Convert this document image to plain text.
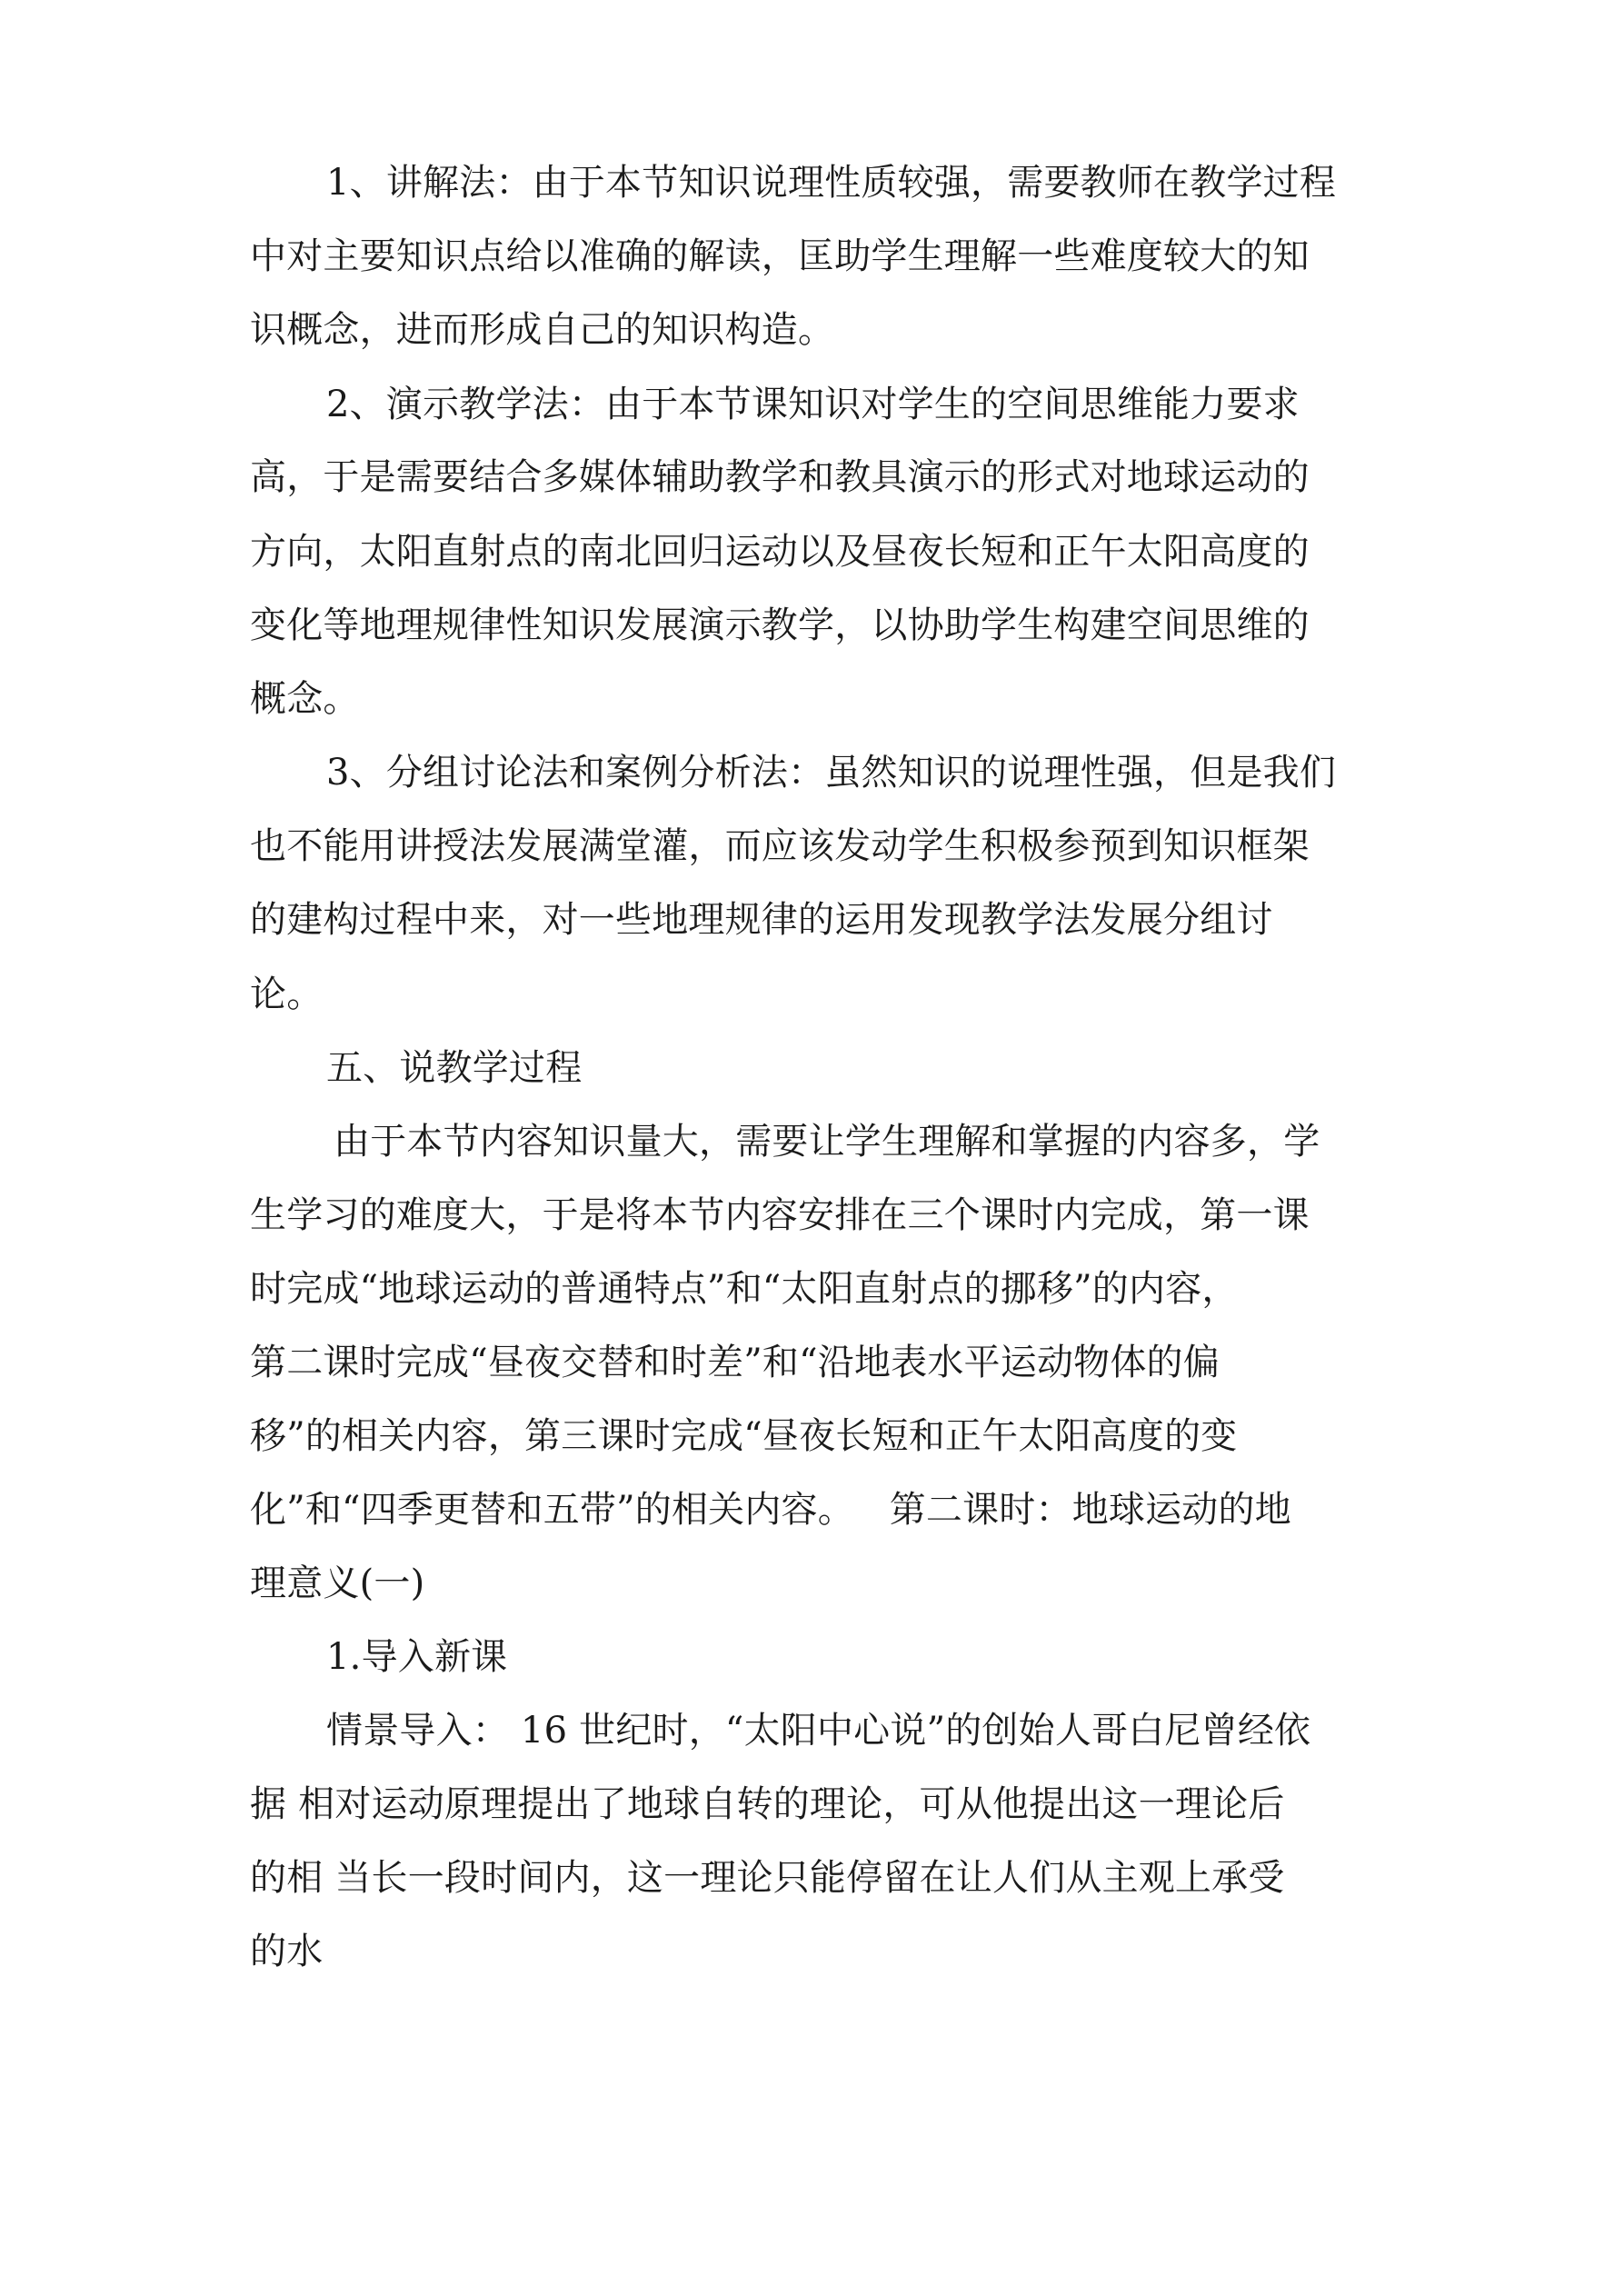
1、讲解法：由于本节知识说理性质较强，需要教师在教学过程

中对主要知识点给以准确的解读，匡助学生理解一些难度较大的知

识概念，进而形成自己的知识构造。

2、演示教学法：由于本节课知识对学生的空间思维能力要求

高，于是需要结合多媒体辅助教学和教具演示的形式对地球运动的

方向，太阳直射点的南北回归运动以及昼夜长短和正午太阳高度的

变化等地理规律性知识发展演示教学，以协助学生构建空间思维的

概念。

3、分组讨论法和案例分析法：虽然知识的说理性强，但是我们

也不能用讲授法发展满堂灌，而应该发动学生积极参预到知识框架

的建构过程中来，对一些地理规律的运用发现教学法发展分组讨

论。

五、说教学过程

由于本节内容知识量大，需要让学生理解和掌握的内容多，学

生学习的难度大，于是将本节内容安排在三个课时内完成，第一课

时完成“地球运动的普通特点”和“太阳直射点的挪移”的内容，

第二课时完成“昼夜交替和时差”和“沿地表水平运动物体的偏

移”的相关内容，第三课时完成“昼夜长短和正午太阳高度的变

化”和“四季更替和五带”的相关内容。   第二课时：地球运动的地

理意义(一)

1.导入新课

情景导入： 16 世纪时，“太阳中心说”的创始人哥白尼曾经依

据 相对运动原理提出了地球自转的理论，可从他提出这一理论后

的相 当长一段时间内，这一理论只能停留在让人们从主观上承受

的水
